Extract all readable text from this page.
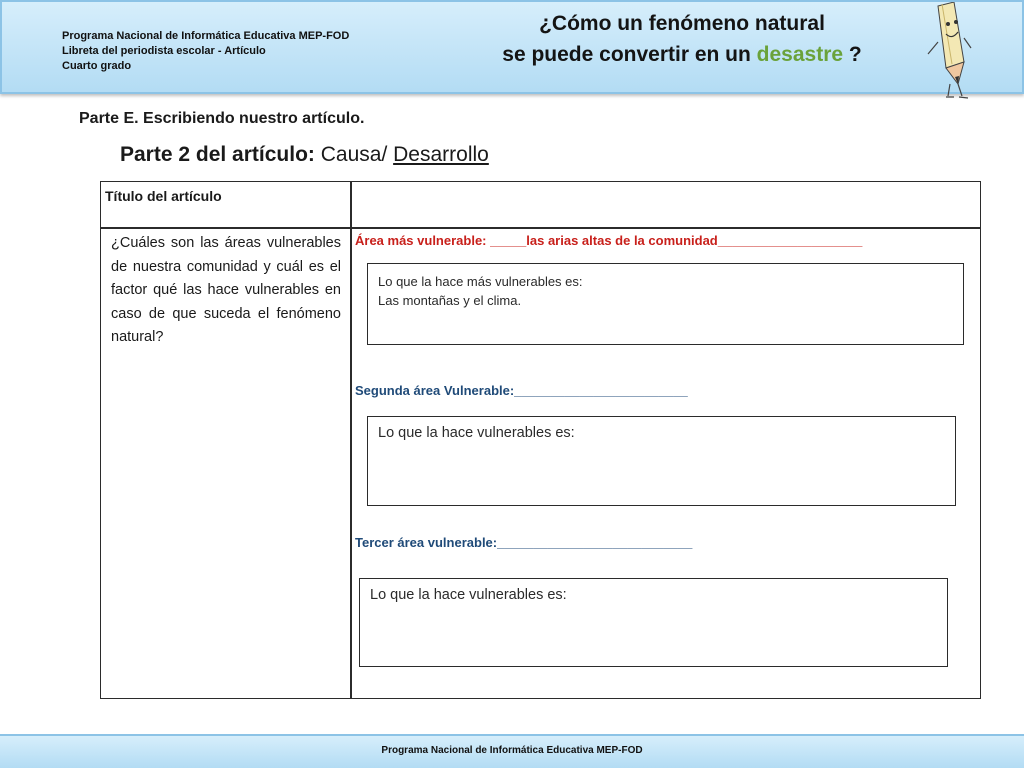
Programa Nacional de Informática Educativa MEP-FOD
Libreta del periodista escolar - Artículo
Cuarto grado
¿Cómo un fenómeno natural
se puede convertir en un desastre ?
Parte E. Escribiendo nuestro artículo.
Parte 2 del artículo: Causa/ Desarrollo
Título del artículo
¿Cuáles son las áreas vulnerables de nuestra comunidad y cuál es el factor qué las hace vulnerables en caso de que suceda el fenómeno natural?
Área más vulnerable: _____las arias altas de la comunidad____________________
Lo que la hace más vulnerables es:
Las montañas y el clima.
Segunda área Vulnerable:________________________
Lo que la hace vulnerables es:
Tercer área vulnerable:___________________________
Lo que la hace vulnerables es:
Programa Nacional de Informática Educativa MEP-FOD
